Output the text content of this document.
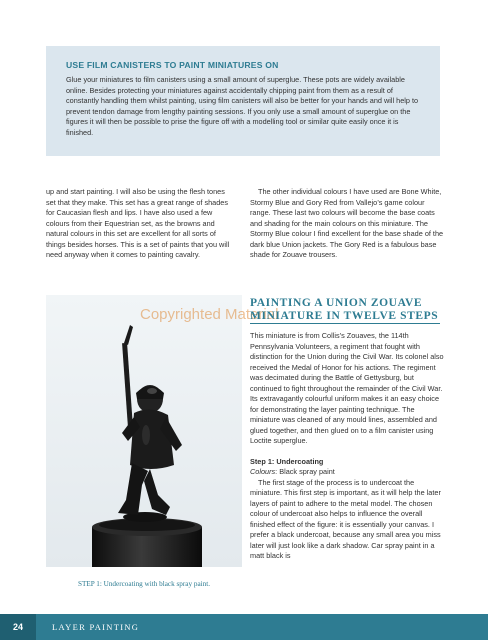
USE FILM CANISTERS TO PAINT MINIATURES ON

Glue your miniatures to film canisters using a small amount of superglue. These pots are widely available online. Besides protecting your miniatures against accidentally chipping paint from them as a result of constantly handling them whilst painting, using film canisters will also be better for your hands and will help to prevent tendon damage from lengthy painting sessions. If you only use a small amount of superglue on the figures it will then be possible to prise the figure off with a modelling tool or similar quite easily once it is finished.

up and start painting. I will also be using the flesh tones set that they make. This set has a great range of shades for Caucasian flesh and lips. I have also used a few colours from their Equestrian set, as the browns and natural colours in this set are excellent for all sorts of things besides horses. This is a set of paints that you will need anyway when it comes to painting cavalry.

The other individual colours I have used are Bone White, Stormy Blue and Gory Red from Vallejo’s game colour range. These last two colours will become the base coats and shading for the main colours on this miniature. The Stormy Blue colour I find excellent for the base shade of the dark blue Union jackets. The Gory Red is a fabulous base shade for Zouave trousers.

Copyrighted Material

STEP 1: Undercoating with black spray paint.

PAINTING A UNION ZOUAVE MINIATURE IN TWELVE STEPS

This miniature is from Collis’s Zouaves, the 114th Pennsylvania Volunteers, a regiment that fought with distinction for the Union during the Civil War. Its colonel also received the Medal of Honor for his actions. The regiment was decimated during the Battle of Gettysburg, but continued to fight throughout the remainder of the Civil War. Its extravagantly colourful uniform makes it an easy choice for demonstrating the layer painting technique. The miniature was cleaned of any mould lines, assembled and glued together, and then glued on to a film canister using Loctite superglue.

Step 1: Undercoating

Colours: Black spray paint

The first stage of the process is to undercoat the miniature. This first step is important, as it will help the later layers of paint to adhere to the metal model. The chosen colour of undercoat also helps to influence the overall finished effect of the figure: it is essentially your canvas. I prefer a black undercoat, because any small area you miss later will just look like a dark shadow. Car spray paint in a matt black is

24	LAYER PAINTING
